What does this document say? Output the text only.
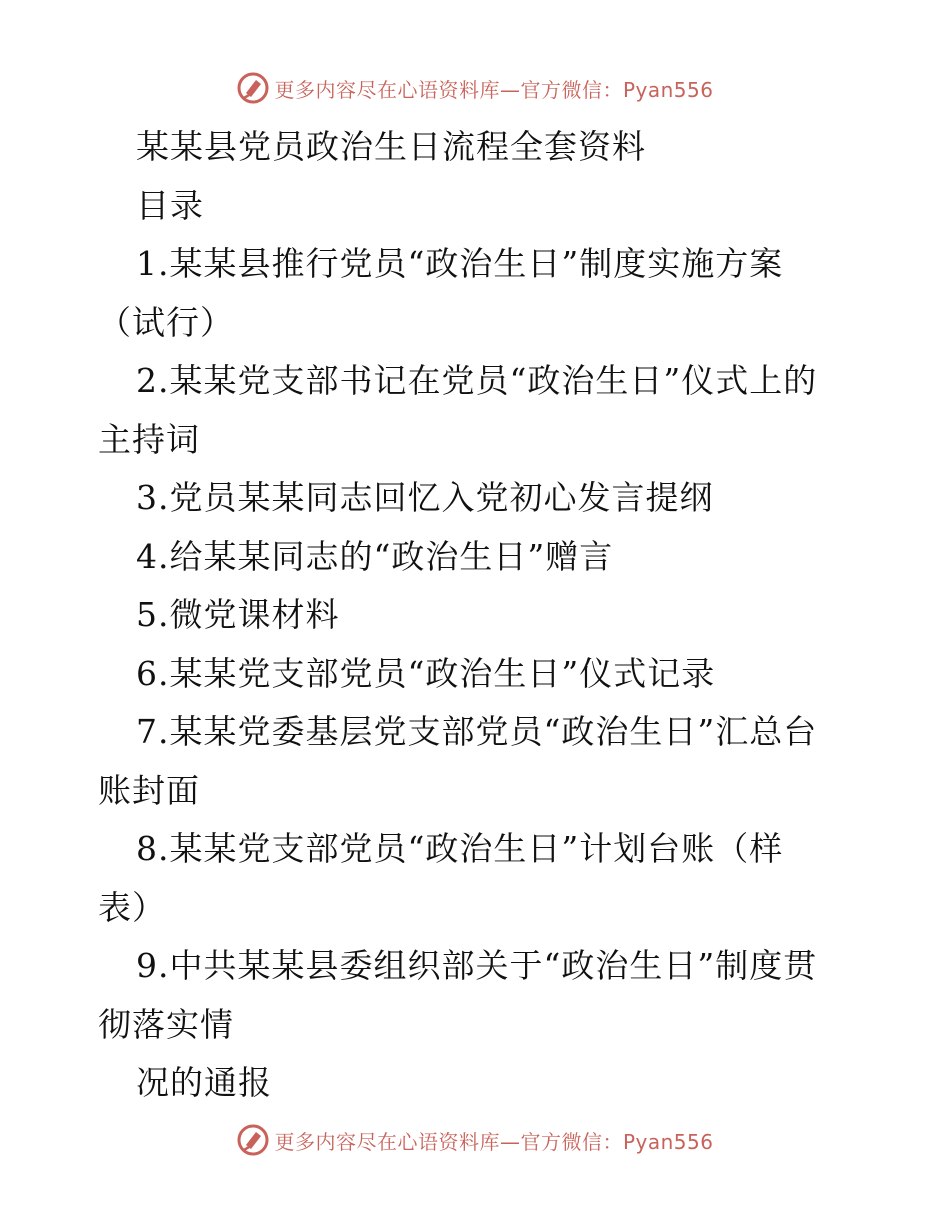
更多内容尽在心语资料库—官方微信：Pyan556
某某县党员政治生日流程全套资料
目录
1.某某县推行党员“政治生日”制度实施方案
（试行）
2.某某党支部书记在党员“政治生日”仪式上的
主持词
3.党员某某同志回忆入党初心发言提纲
4.给某某同志的“政治生日”赠言
5.微党课材料
6.某某党支部党员“政治生日”仪式记录
7.某某党委基层党支部党员“政治生日”汇总台
账封面
8.某某党支部党员“政治生日”计划台账（样
表）
9.中共某某县委组织部关于“政治生日”制度贯
彻落实情
况的通报
更多内容尽在心语资料库—官方微信：Pyan556
